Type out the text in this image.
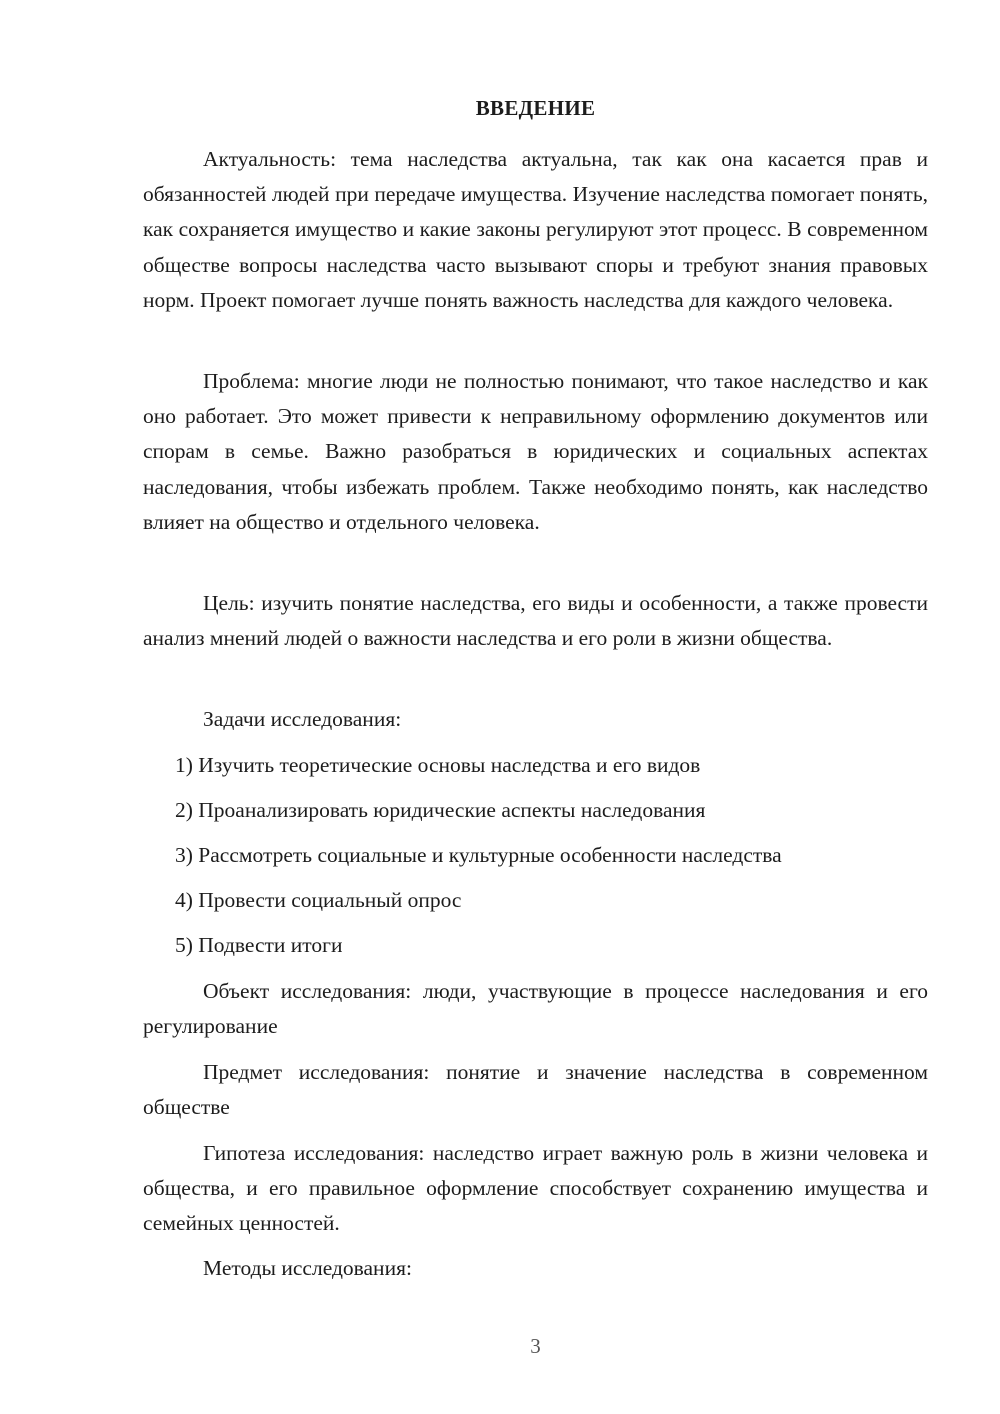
ВВЕДЕНИЕ

Актуальность: тема наследства актуальна, так как она касается прав и обязанностей людей при передаче имущества. Изучение наследства помогает понять, как сохраняется имущество и какие законы регулируют этот процесс. В современном обществе вопросы наследства часто вызывают споры и требуют знания правовых норм. Проект помогает лучше понять важность наследства для каждого человека.

Проблема: многие люди не полностью понимают, что такое наследство и как оно работает. Это может привести к неправильному оформлению документов или спорам в семье. Важно разобраться в юридических и социальных аспектах наследования, чтобы избежать проблем. Также необходимо понять, как наследство влияет на общество и отдельного человека.

Цель: изучить понятие наследства, его виды и особенности, а также провести анализ мнений людей о важности наследства и его роли в жизни общества.

Задачи исследования:

1) Изучить теоретические основы наследства и его видов

2) Проанализировать юридические аспекты наследования

3) Рассмотреть социальные и культурные особенности наследства

4) Провести социальный опрос

5) Подвести итоги

Объект исследования: люди, участвующие в процессе наследования и его регулирование

Предмет исследования: понятие и значение наследства в современном обществе

Гипотеза исследования: наследство играет важную роль в жизни человека и общества, и его правильное оформление способствует сохранению имущества и семейных ценностей.

Методы исследования:

3
